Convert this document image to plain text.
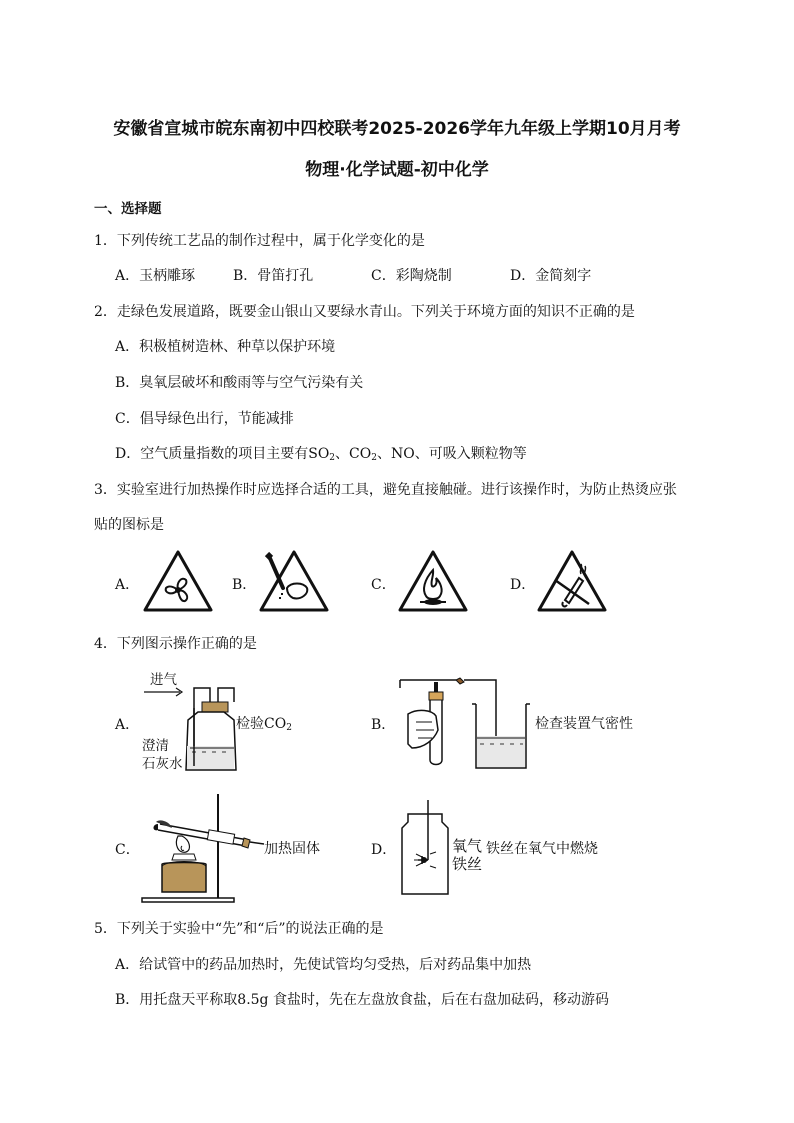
安徽省宣城市皖东南初中四校联考2025-2026学年九年级上学期10月月考
物理·化学试题-初中化学
一、选择题
1．下列传统工艺品的制作过程中，属于化学变化的是
A．玉柄雕琢	B．骨笛打孔	C．彩陶烧制	D．金简刻字
2．走绿色发展道路，既要金山银山又要绿水青山。下列关于环境方面的知识不正确的是
A．积极植树造林、种草以保护环境
B．臭氧层破坏和酸雨等与空气污染有关
C．倡导绿色出行，节能减排
D．空气质量指数的项目主要有$SO_2$、$CO_2$、NO、可吸入颗粒物等
3．实验室进行加热操作时应选择合适的工具，避免直接触碰。进行该操作时，为防止热烫应张
贴的图标是
A．	B．	C．	D．
4．下列图示操作正确的是
A．
进气
检验$CO_2$
澄清
石灰水
B．	检查装置气密性
C．	加热固体	D．	氧气 铁丝在氧气中燃烧
铁丝
5．下列关于实验中“先”和“后”的说法正确的是
A．给试管中的药品加热时，先使试管均匀受热，后对药品集中加热
B．用托盘天平称取8.5g 食盐时，先在左盘放食盐，后在右盘加砝码，移动游码
